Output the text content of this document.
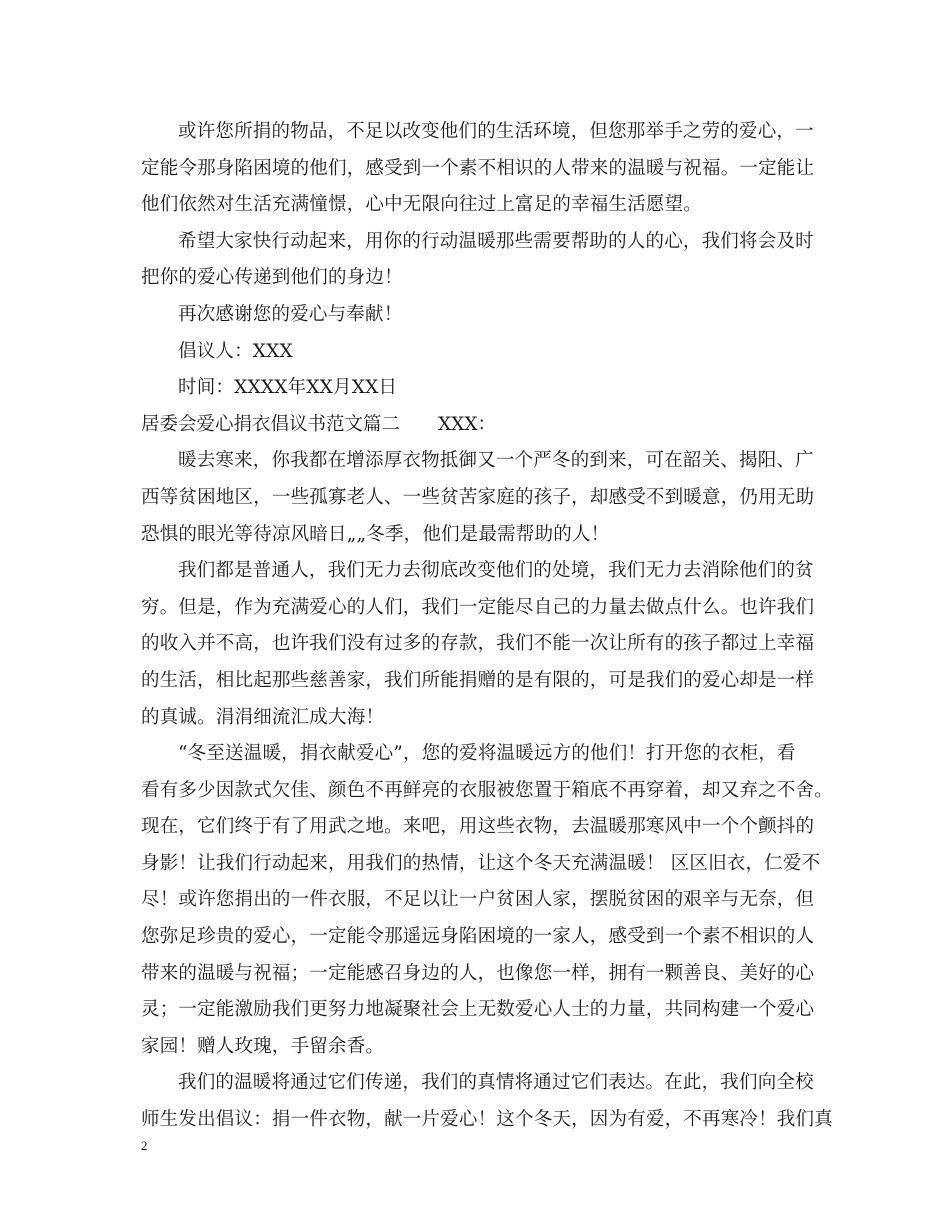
或许您所捐的物品，不足以改变他们的生活环境，但您那举手之劳的爱心，一
定能令那身陷困境的他们，感受到一个素不相识的人带来的温暖与祝福。一定能让
他们依然对生活充满憧憬，心中无限向往过上富足的幸福生活愿望。
希望大家快行动起来，用你的行动温暖那些需要帮助的人的心，我们将会及时
把你的爱心传递到他们的身边！
再次感谢您的爱心与奉献！
倡议人：XXX
时间：XXXX年XX月XX日
居委会爱心捐衣倡议书范文篇二 XXX：
暖去寒来，你我都在增添厚衣物抵御又一个严冬的到来，可在韶关、揭阳、广
西等贫困地区，一些孤寡老人、一些贫苦家庭的孩子，却感受不到暖意，仍用无助
恐惧的眼光等待凉风暗日„„冬季，他们是最需帮助的人！
我们都是普通人，我们无力去彻底改变他们的处境，我们无力去消除他们的贫
穷。但是，作为充满爱心的人们，我们一定能尽自己的力量去做点什么。也许我们
的收入并不高，也许我们没有过多的存款，我们不能一次让所有的孩子都过上幸福
的生活，相比起那些慈善家，我们所能捐赠的是有限的，可是我们的爱心却是一样
的真诚。涓涓细流汇成大海！
“冬至送温暖，捐衣献爱心”，您的爱将温暖远方的他们！打开您的衣柜，看
看有多少因款式欠佳、颜色不再鲜亮的衣服被您置于箱底不再穿着，却又弃之不舍。
现在，它们终于有了用武之地。来吧，用这些衣物，去温暖那寒风中一个个颤抖的
身影！让我们行动起来，用我们的热情，让这个冬天充满温暖！ 区区旧衣，仁爱不
尽！或许您捐出的一件衣服，不足以让一户贫困人家，摆脱贫困的艰辛与无奈，但
您弥足珍贵的爱心，一定能令那遥远身陷困境的一家人，感受到一个素不相识的人
带来的温暖与祝福；一定能感召身边的人，也像您一样，拥有一颗善良、美好的心
灵；一定能激励我们更努力地凝聚社会上无数爱心人士的力量，共同构建一个爱心
家园！赠人玫瑰，手留余香。
我们的温暖将通过它们传递，我们的真情将通过它们表达。在此，我们向全校
师生发出倡议：捐一件衣物，献一片爱心！这个冬天，因为有爱，不再寒冷！我们真
2
